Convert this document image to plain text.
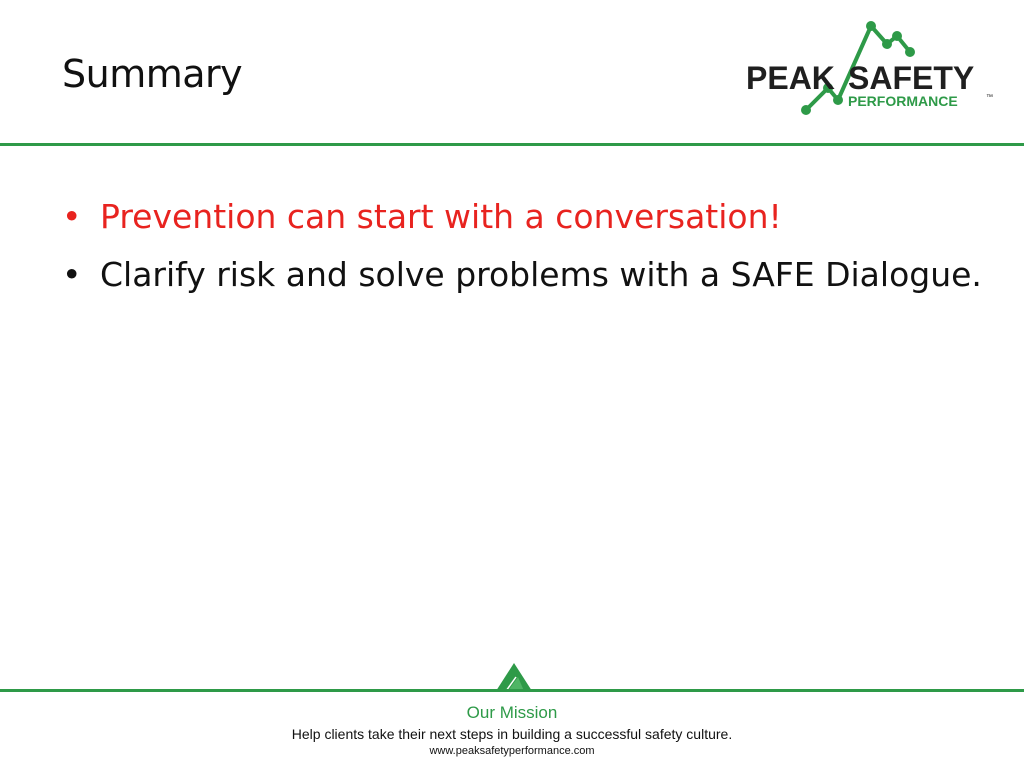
Summary	PEAK SAFETY
PERFORMANCE	™
• Prevention can start with a conversation!
• Clarify risk and solve problems with a SAFE Dialogue.
Our Mission
Help clients take their next steps in building a successful safety culture.
www.peaksafetyperformance.com
